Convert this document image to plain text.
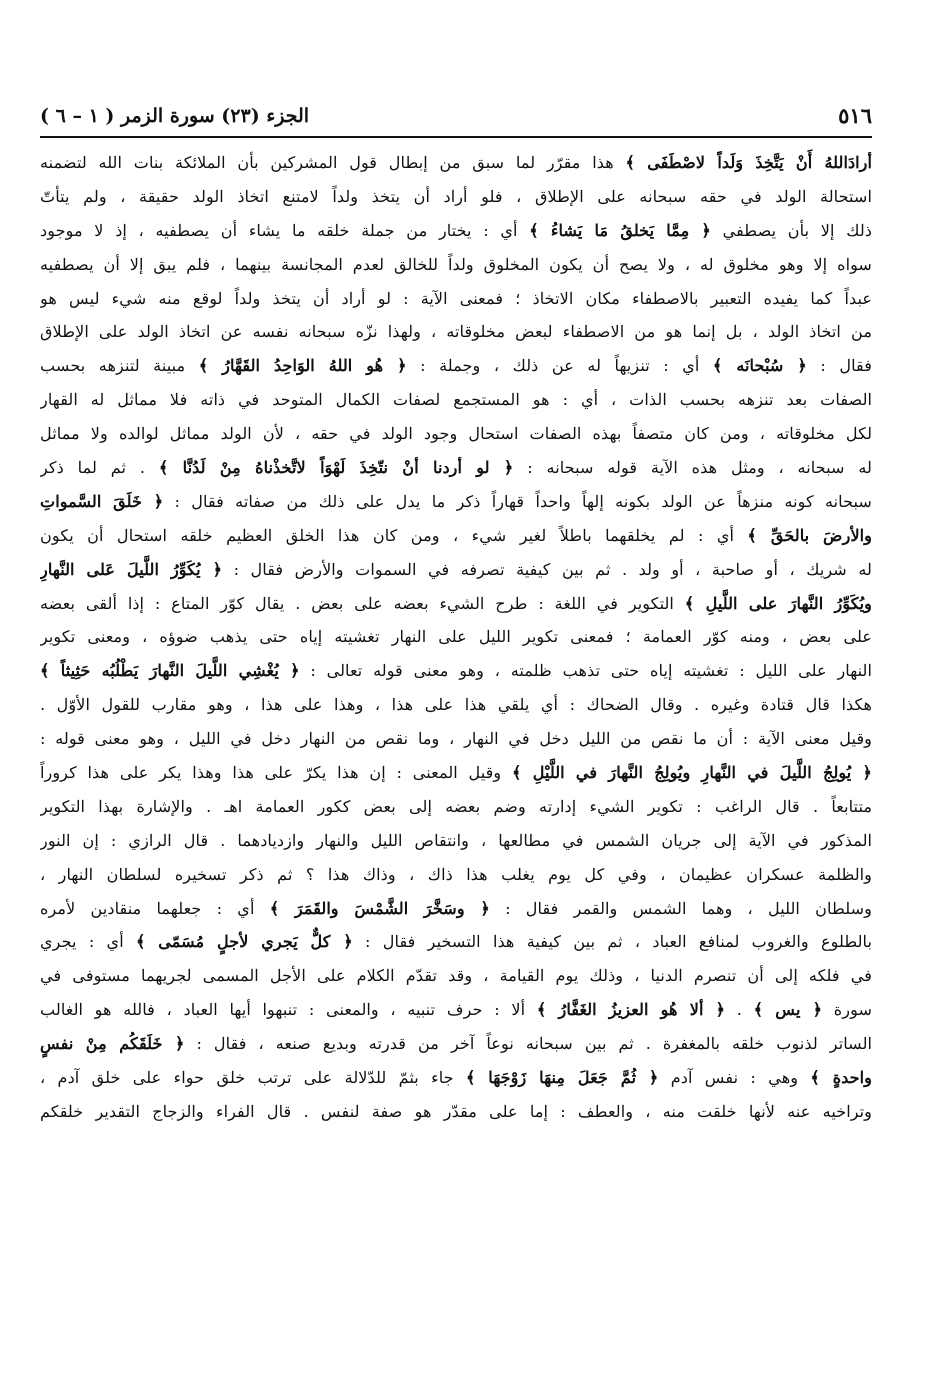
٥١٦
الجزء (٢٣) سورة الزمر ( ١ – ٦ )
أرادَاللهُ أَنْ يَتَّخِذَ وَلَداً لاصْطَفَى ﴾ هذا مقرّر لما سبق من إبطال قول المشركين بأن الملائكة بنات الله لتضمنه
استحالة الولد في حقه سبحانه على الإطلاق ، فلو أراد أن يتخذ ولداً لامتنع اتخاذ الولد حقيقة ، ولم يتأتّ
ذلك إلا بأن يصطفي ﴿ مِمَّا يَخلقُ مَا يَشاءُ ﴾ أي : يختار من جملة خلقه ما يشاء أن يصطفيه ، إذ لا موجود
سواه إلا وهو مخلوق له ، ولا يصح أن يكون المخلوق ولداً للخالق لعدم المجانسة بينهما ، فلم يبق إلا أن يصطفيه
عبداً كما يفيده التعبير بالاصطفاء مكان الاتخاذ ؛ فمعنى الآية : لو أراد أن يتخذ ولداً لوقع منه شيء ليس هو
من اتخاذ الولد ، بل إنما هو من الاصطفاء لبعض مخلوقاته ، ولهذا نزّه سبحانه نفسه عن اتخاذ الولد على الإطلاق
فقال : ﴿ سُبْحانَه ﴾ أي : تنزيهاً له عن ذلك ، وجملة : ﴿ هُو اللهُ الوَاحِدُ القَهَّارُ ﴾ مبينة لتنزهه بحسب
الصفات بعد تنزهه بحسب الذات ، أي : هو المستجمع لصفات الكمال المتوحد في ذاته فلا مماثل له القهار
لكل مخلوقاته ، ومن كان متصفاً بهذه الصفات استحال وجود الولد في حقه ، لأن الولد مماثل لوالده ولا مماثل
له سبحانه ، ومثل هذه الآية قوله سبحانه : ﴿ لو أردنا أنْ نتّخِذَ لَهْوَاً لاتَّخذْناهُ مِنْ لَدُنَّا ﴾ . ثم لما ذكر
سبحانه كونه منزهاً عن الولد بكونه إلهاً واحداً قهاراً ذكر ما يدل على ذلك من صفاته فقال : ﴿ خَلَقَ السَّمواتِ
والأرضَ بالحَقِّ ﴾ أي : لم يخلقهما باطلاً لغير شيء ، ومن كان هذا الخلق العظيم خلقه استحال أن يكون
له شريك ، أو صاحبة ، أو ولد . ثم بين كيفية تصرفه في السموات والأرض فقال : ﴿ يُكَوِّرُ اللَّيلَ عَلى النَّهارِ
ويُكَوِّرُ النَّهارَ على اللَّيلِ ﴾ التكوير في اللغة : طرح الشيء بعضه على بعض . يقال كوّر المتاع : إذا ألقى بعضه
على بعض ، ومنه كوّر العمامة ؛ فمعنى تكوير الليل على النهار تغشيته إياه حتى يذهب ضوؤه ، ومعنى تكوير
النهار على الليل : تغشيته إياه حتى تذهب ظلمته ، وهو معنى قوله تعالى : ﴿ يُغْشِي اللَّيلَ النَّهارَ يَطْلُبُه حَثِيثاً ﴾
هكذا قال قتادة وغيره . وقال الضحاك : أي يلقي هذا على هذا ، وهذا على هذا ، وهو مقارب للقول الأوّل .
وقيل معنى الآية : أن ما نقص من الليل دخل في النهار ، وما نقص من النهار دخل في الليل ، وهو معنى قوله :
﴿ يُولِجُ اللَّيلَ في النَّهارِ ويُولِجُ النَّهارَ في اللَّيْلِ ﴾ وقيل المعنى : إن هذا يكرّ على هذا وهذا يكر على هذا كروراً
متتابعاً . قال الراغب : تكوير الشيء إدارته وضم بعضه إلى بعض ككور العمامة اهـ . والإشارة بهذا التكوير
المذكور في الآية إلى جريان الشمس في مطالعها ، وانتقاص الليل والنهار وازديادهما . قال الرازي : إن النور
والظلمة عسكران عظيمان ، وفي كل يوم يغلب هذا ذاك ، وذاك هذا ؟ ثم ذكر تسخيره لسلطان النهار ،
وسلطان الليل ، وهما الشمس والقمر فقال : ﴿ وسَخَّرَ الشَّمْسَ والقَمَرَ ﴾ أي : جعلهما منقادين لأمره
بالطلوع والغروب لمنافع العباد ، ثم بين كيفية هذا التسخير فقال : ﴿ كلٌّ يَجري لأجلٍ مُسَمّى ﴾ أي : يجري
في فلكه إلى أن تنصرم الدنيا ، وذلك يوم القيامة ، وقد تقدّم الكلام على الأجل المسمى لجريهما مستوفى في
سورة ﴿ يس ﴾ . ﴿ ألا هُو العزيزُ الغَفَّارُ ﴾ ألا : حرف تنبيه ، والمعنى : تنبهوا أيها العباد ، فالله هو الغالب
الساتر لذنوب خلقه بالمغفرة . ثم بين سبحانه نوعاً آخر من قدرته وبديع صنعه ، فقال : ﴿ خَلَقَكُم مِنْ نفسٍ
واحدةٍ ﴾ وهي : نفس آدم ﴿ ثُمَّ جَعَلَ مِنهَا زَوْجَهَا ﴾ جاء بثمّ للدّلالة على ترتب خلق حواء على خلق آدم ،
وتراخيه عنه لأنها خلقت منه ، والعطف : إما على مقدّر هو صفة لنفس . قال الفراء والزجاج التقدير خلقكم
